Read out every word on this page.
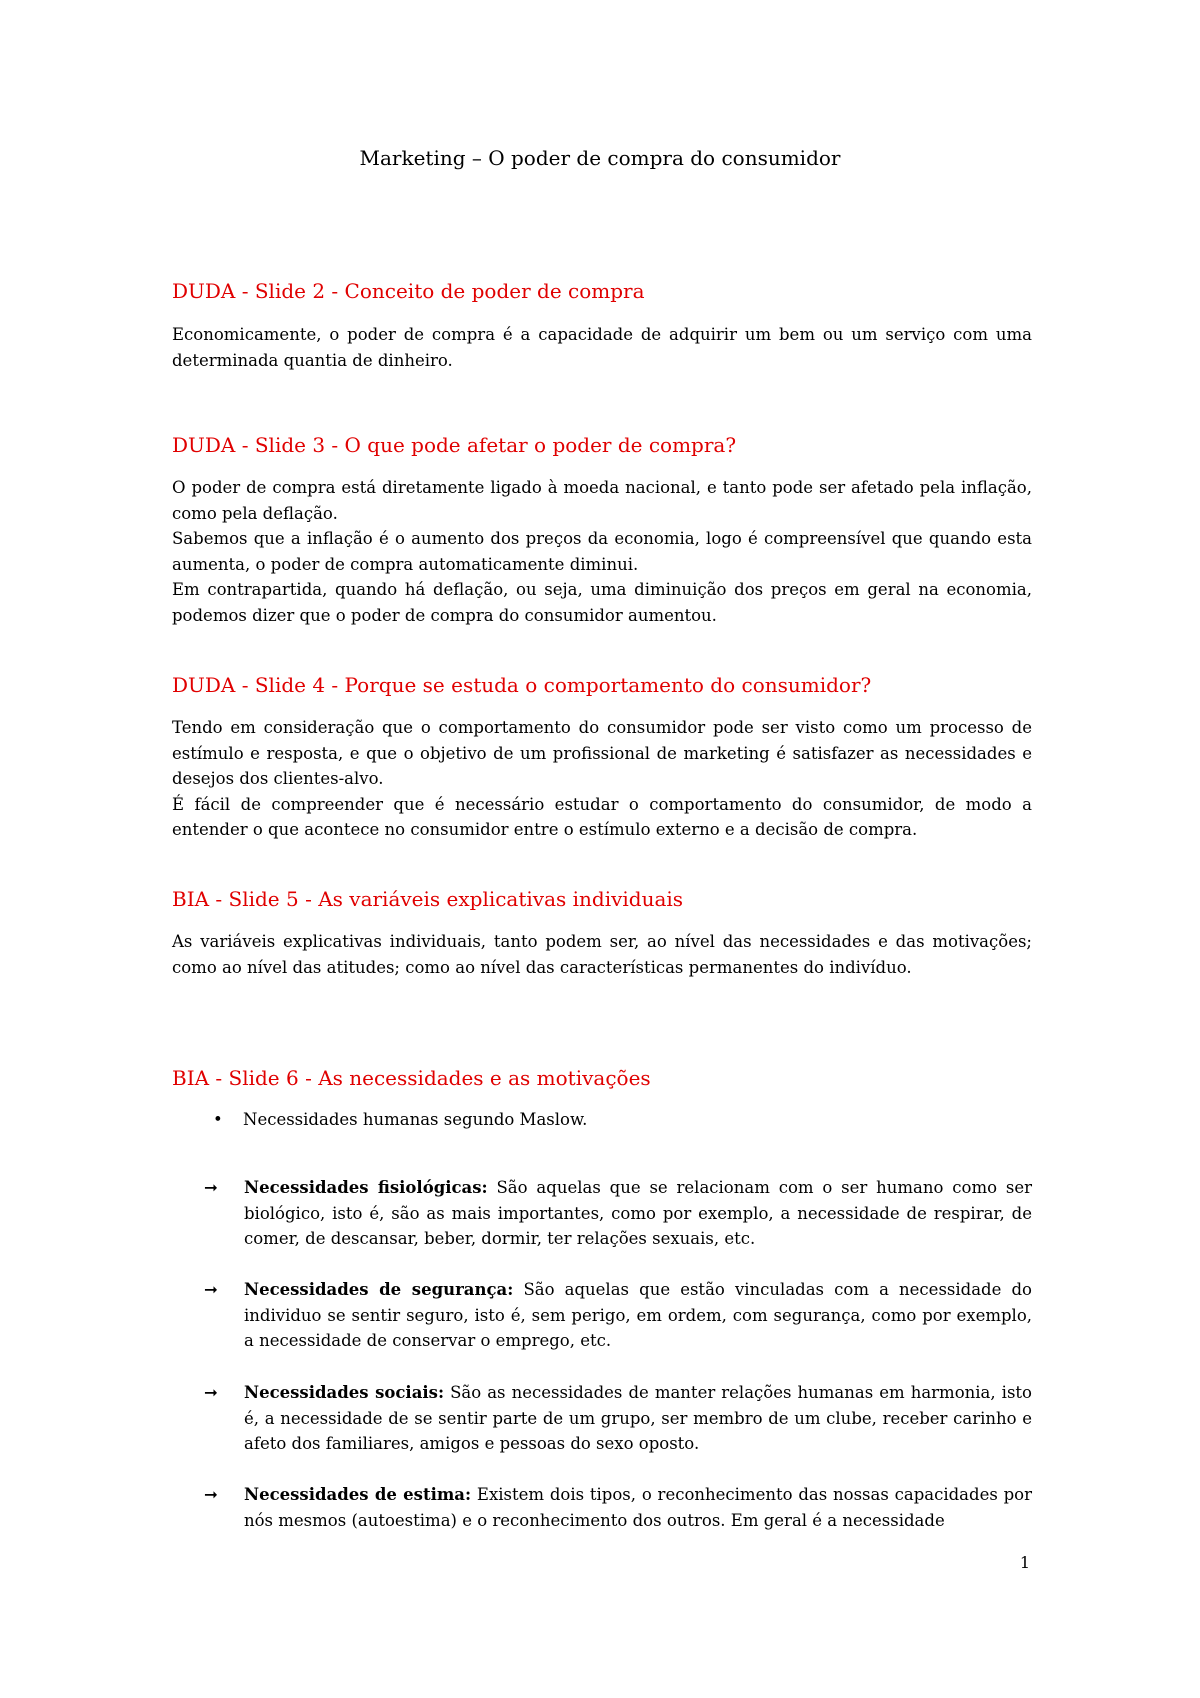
Marketing – O poder de compra do consumidor
DUDA - Slide 2 - Conceito de poder de compra
Economicamente, o poder de compra é a capacidade de adquirir um bem ou um serviço com uma determinada quantia de dinheiro.
DUDA - Slide 3 - O que pode afetar o poder de compra?
O poder de compra está diretamente ligado à moeda nacional, e tanto pode ser afetado pela inflação, como pela deflação.
Sabemos que a inflação é o aumento dos preços da economia, logo é compreensível que quando esta aumenta, o poder de compra automaticamente diminui.
Em contrapartida, quando há deflação, ou seja, uma diminuição dos preços em geral na economia, podemos dizer que o poder de compra do consumidor aumentou.
DUDA - Slide 4 - Porque se estuda o comportamento do consumidor?
Tendo em consideração que o comportamento do consumidor pode ser visto como um processo de estímulo e resposta, e que o objetivo de um profissional de marketing é satisfazer as necessidades e desejos dos clientes-alvo.
É fácil de compreender que é necessário estudar o comportamento do consumidor, de modo a entender o que acontece no consumidor entre o estímulo externo e a decisão de compra.
BIA - Slide 5 - As variáveis explicativas individuais
As variáveis explicativas individuais, tanto podem ser, ao nível das necessidades e das motivações; como ao nível das atitudes; como ao nível das características permanentes do indivíduo.
BIA - Slide 6 - As necessidades e as motivações
•	Necessidades humanas segundo Maslow.
➞	Necessidades fisiológicas: São aquelas que se relacionam com o ser humano como ser biológico, isto é, são as mais importantes, como por exemplo, a necessidade de respirar, de comer, de descansar, beber, dormir, ter relações sexuais, etc.
➞	Necessidades de segurança: São aquelas que estão vinculadas com a necessidade do individuo se sentir seguro, isto é, sem perigo, em ordem, com segurança, como por exemplo, a necessidade de conservar o emprego, etc.
➞	Necessidades sociais: São as necessidades de manter relações humanas em harmonia, isto é, a necessidade de se sentir parte de um grupo, ser membro de um clube, receber carinho e afeto dos familiares, amigos e pessoas do sexo oposto.
➞	Necessidades de estima: Existem dois tipos, o reconhecimento das nossas capacidades por nós mesmos (autoestima) e o reconhecimento dos outros. Em geral é a necessidade
1
